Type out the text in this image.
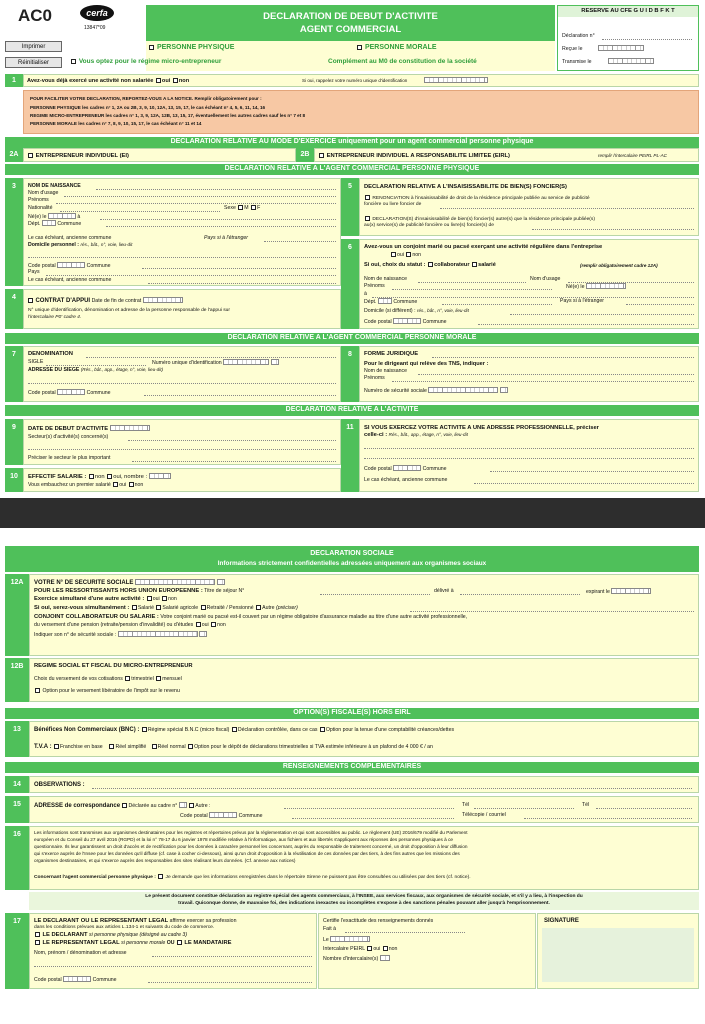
AC0	cerfa
13847*09
Imprimer
Réinitialiser
DECLARATION DE DEBUT D'ACTIVITE
AGENT COMMERCIAL
PERSONNE PHYSIQUE
Vous optez pour le régime micro-entrepreneur
PERSONNE MORALE
Complément au M0 de constitution de la société
RESERVE AU CFE G U I D B F K T
Déclaration n°
Reçue le
Transmise le
1	Avez-vous déjà exercé une activité non salariée oui non	Si oui, rappelez votre numéro unique d'identification
POUR FACILITER VOTRE DECLARATION, REPORTEZ-VOUS A LA NOTICE. Remplir obligatoirement pour :
PERSONNE PHYSIQUE les cadres n° 1, 2A ou 2B, 3, 9, 10, 12A, 13, 15, 17, le cas échéant n° 4, 5, 6, 11, 14, 16
REGIME MICRO-ENTREPRENEUR les cadres n° 1, 3, 9, 12A, 12B, 13, 15, 17, éventuellement les autres cadres sauf les n° 7 et 8
PERSONNE MORALE les cadres n° 7, 8, 9, 10, 15, 17, le cas échéant n° 11 et 14
DECLARATION RELATIVE AU MODE D'EXERCICE uniquement pour un agent commercial personne physique
2A	ENTREPRENEUR INDIVIDUEL (EI)	2B	ENTREPRENEUR INDIVIDUEL A RESPONSABILITE LIMITEE (EIRL)	remplir l'intercalaire PEIRL PL-AC
DECLARATION RELATIVE A L'AGENT COMMERCIAL PERSONNE PHYSIQUE
3	NOM DE NAISSANCE
Nom d'usage
Prénoms
Nationalité	Sexe M F
Né(e) le	à
Dépt.	Commune
Le cas échéant, ancienne commune	Pays si à l'étranger
Domicile personnel : rés., bât., n°, voie, lieu-dit
Code postal	Commune
Pays
Le cas échéant, ancienne commune
4	CONTRAT D'APPUI Date de fin de contrat
N° unique d'identification, dénomination et adresse de la personne responsable de l'appui sur
l'intercalaire P0' cadre 4.
5	DECLARATION RELATIVE A L'INSAISISSABILITE DE BIEN(S) FONCIER(S)
RENONCIATION à l'insaisissabilité de droit de la résidence principale publiée au service de publicité
foncière ou livre foncier de
DECLARATION(S) d'insaisissabilité de bien(s) foncier(s) autre(s) que la résidence principale publiée(s)
au(x) service(s) de publicité foncière ou livre(s) foncier(s) de
6	Avez-vous un conjoint marié ou pacsé exerçant une activité régulière dans l'entreprise
oui non
Si oui, choix du statut : collaborateur salarié	(remplir obligatoirement cadre 12A)
Nom de naissance	Nom d'usage
Prénoms	Né(e) le
à
Dépt.	Commune	Pays si à l'étranger
Domicile (si différent) : rés., bât., n°, voie, lieu-dit
Code postal	Commune
DECLARATION RELATIVE A L'AGENT COMMERCIAL PERSONNE MORALE
7	DENOMINATION
SIGLE	Numéro unique d'identification
ADRESSE DU SIEGE (Rés., bât., app., étage, n°, voie, lieu-dit)
Code postal	Commune
8	FORME JURIDIQUE
Pour le dirigeant qui relève des TNS, indiquer :
Nom de naissance
Prénoms
Numéro de sécurité sociale
DECLARATION RELATIVE A L'ACTIVITE
9	DATE DE DEBUT D'ACTIVITE
Secteur(s) d'activité(s) concerné(s)
Préciser le secteur le plus important
10	EFFECTIF SALARIE : non oui, nombre :
Vous embauchez un premier salarié oui non
11	SI VOUS EXERCEZ VOTRE ACTIVITE A UNE ADRESSE PROFESSIONNELLE, préciser
celle-ci : Rés., bât., app., étage, n°, voie, lieu-dit
Code postal	Commune
Le cas échéant, ancienne commune
DECLARATION SOCIALE
Informations strictement confidentielles adressées uniquement aux organismes sociaux
12A	VOTRE N° DE SECURITE SOCIALE
POUR LES RESSORTISSANTS HORS UNION EUROPEENNE : Titre de séjour N°	délivré à	expirant le
Exercice simultané d'une autre activité : oui non
Si oui, serez-vous simultanément : Salarié Salarié agricole Retraité / Pensionné Autre (préciser)
CONJOINT COLLABORATEUR OU SALARIE : Votre conjoint marié ou pacsé est-il couvert par un régime obligatoire d'assurance maladie au titre d'une autre activité professionnelle,
du versement d'une pension (retraite/pension d'invalidité) ou d'études oui non
Indiquer son n° de sécurité sociale :
12B	REGIME SOCIAL ET FISCAL DU MICRO-ENTREPRENEUR
Choix du versement de vos cotisations trimestriel mensuel
Option pour le versement libératoire de l'impôt sur le revenu
OPTION(S) FISCALE(S) HORS EIRL
13	Bénéfices Non Commerciaux (BNC) : Régime spécial B.N.C (micro fiscal) Déclaration contrôlée, dans ce cas Option pour la tenue d'une comptabilité créances/dettes
T.V.A : Franchise en base Réel simplifié Réel normal Option pour le dépôt de déclarations trimestrielles si TVA estimée inférieure à un plafond de 4 000 € / an
RENSEIGNEMENTS COMPLEMENTAIRES
14	OBSERVATIONS :
15	ADRESSE de correspondance Déclarée au cadre n°	Autre :	Tél	Tél
Code postal	Commune	Télécopie / courriel
16	Les informations sont transmises aux organismes destinataires pour les registres et répertoires prévus par la réglementation et qui sont accessibles au public. Le règlement (UE) 2016/679 modifié du Parlement
européen et du Conseil du 27 avril 2016 (RGPD) et la loi n° 78-17 du 6 janvier 1978 modifiée relative à l'informatique, aux fichiers et aux libertés s'appliquent aux réponses des personnes physiques à ce
questionnaire. Ils leur garantissent un droit d'accès et de rectification pour les données à caractère personnel les concernant, auprès du responsable de traitement concerné, un droit d'opposition à leur diffusion
qui s'exerce auprès de l'Insee pour les données qu'il diffuse (cf. case à cocher ci-dessous), ainsi qu'un droit d'opposition à la réutilisation de ces données par des tiers, à des fins autres que les missions des
organismes destinataires, et qui s'exerce auprès des responsables des sites réalisant leurs données. (Cf. annexe aux notices)
Concernant l'agent commercial personne physique : Je demande que les informations enregistrées dans le répertoire Sirene ne puissent pas être consultées ou utilisées par des tiers (cf. notice).
Le présent document constitue déclaration au registre spécial des agents commerciaux, à l'INSEE, aux services fiscaux, aux organismes de sécurité sociale, et s'il y a lieu, à l'inspection du
travail. Quiconque donne, de mauvaise foi, des indications inexactes ou incomplètes s'expose à des sanctions pénales pouvant aller jusqu'à l'emprisonnement.
17	LE DECLARANT OU LE REPRESENTANT LEGAL affirme exercer sa profession
dans les conditions prévues aux articles L.134-1 et suivants du code de commerce.
LE DECLARANT si personne physique (désigné au cadre 3)
LE REPRESENTANT LEGAL si personne morale OU LE MANDATAIRE
Nom, prénom / dénomination et adresse
Code postal	Commune
Certifie l'exactitude des renseignements donnés
Fait à
Le
Intercalaire PEIRL oui non
Nombre d'intercalaire(s)
SIGNATURE
